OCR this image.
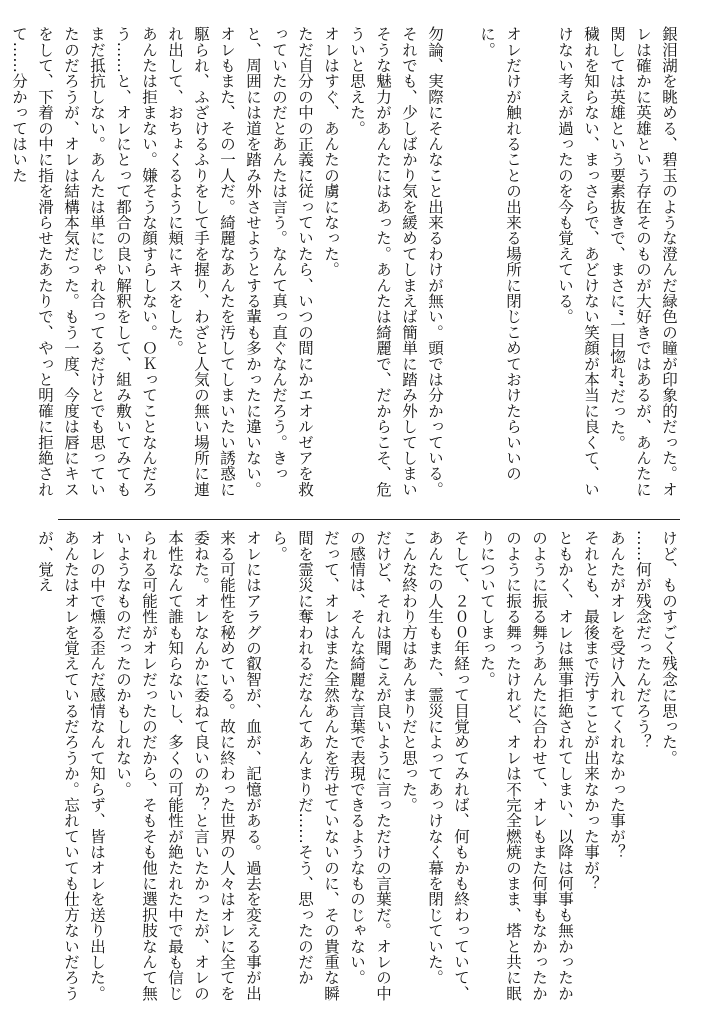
銀泪湖を眺める、碧玉のような澄んだ緑色の瞳が印象的だった。オレは確かに英雄という存在そのものが大好きではあるが、あんたに関しては英雄という要素抜きで、まさに”一目惚れ”だった。

穢れを知らない、まっさらで、あどけない笑顔が本当に良くて、いけない考えが過ったのを今も覚えている。

オレだけが触れることの出来る場所に閉じこめておけたらいいのに。

勿論、実際にそんなこと出来るわけが無い。頭では分かっている。それでも、少しばかり気を緩めてしまえば簡単に踏み外してしまいそうな魅力があんたにはあった。あんたは綺麗で、だからこそ、危ういと思えた。

オレはすぐ、あんたの虜になった。

ただ自分の中の正義に従っていたら、いつの間にかエオルゼアを救っていたのだとあんたは言う。なんて真っ直ぐなんだろう。きっと、周囲には道を踏み外させようとする輩も多かったに違いない。オレもまた、その一人だ。綺麗なあんたを汚してしまいたい誘惑に駆られ、ふざけるふりをして手を握り、わざと人気の無い場所に連れ出して、おちょくるように頬にキスをした。

あんたは拒まない。嫌そうな顔すらしない。ＯＫってことなんだろう……と、オレにとって都合の良い解釈をして、組み敷いてみてもまだ抵抗しない。あんたは単にじゃれ合ってるだけとでも思っていたのだろうが、オレは結構本気だった。もう一度、今度は唇にキスをして、下着の中に指を滑らせたあたりで、やっと明確に拒絶されて……分かってはいた

けど、ものすごく残念に思った。

……何が残念だったんだろう？

あんたがオレを受け入れてくれなかった事が？

それとも、最後まで汚すことが出来なかった事が？

ともかく、オレは無事拒絶されてしまい、以降は何事も無かったかのように振る舞うあんたに合わせて、オレもまた何事もなかったかのように振る舞ったけれど、オレは不完全燃焼のまま、塔と共に眠りについてしまった。

そして、２００年経って目覚めてみれば、何もかも終わっていて、あんたの人生もまた、霊災によってあっけなく幕を閉じていた。

こんな終わり方はあんまりだと思った。

だけど、それは聞こえが良いように言っただけの言葉だ。オレの中の感情は、そんな綺麗な言葉で表現できるようなものじゃない。

だって、オレはまた全然あんたを汚せていないのに、その貴重な瞬間を霊災に奪われるだなんてあんまりだ……そう、思ったのだから。

オレにはアラグの叡智が、血が、記憶がある。過去を変える事が出来る可能性を秘めている。故に終わった世界の人々はオレに全てを委ねた。オレなんかに委ねて良いのか？と言いたかったが、オレの本性なんて誰も知らないし、多くの可能性が絶たれた中で最も信じられる可能性がオレだったのだから、そもそも他に選択肢なんて無いようなものだったのかもしれない。

オレの中で燻る歪んだ感情なんて知らず、皆はオレを送り出した。あんたはオレを覚えているだろうか。忘れていても仕方ないだろうが、覚え
